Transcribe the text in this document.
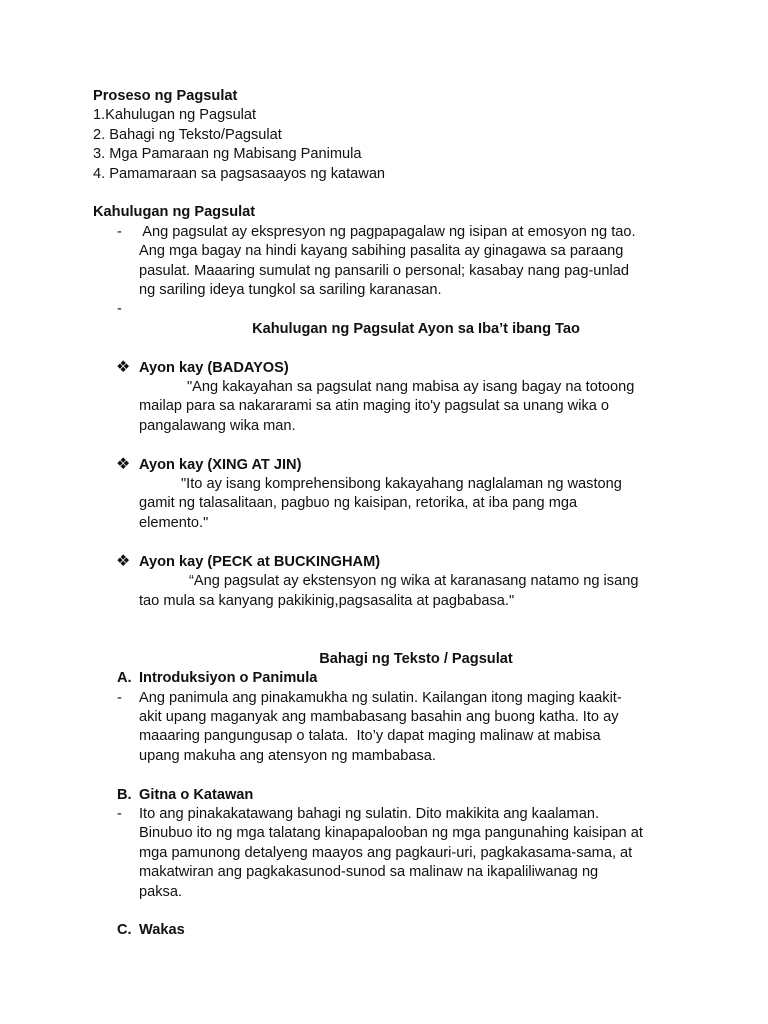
Proseso ng Pagsulat
1.Kahulugan ng Pagsulat
2. Bahagi ng Teksto/Pagsulat
3. Mga Pamaraan ng Mabisang Panimula
4. Pamamaraan sa pagsasaayos ng katawan
Kahulugan ng Pagsulat
- Ang pagsulat ay ekspresyon ng pagpapagalaw ng isipan at emosyon ng tao.
Ang mga bagay na hindi kayang sabihing pasalita ay ginagawa sa paraang
pasulat. Maaaring sumulat ng pansarili o personal; kasabay nang pag-unlad
ng sariling ideya tungkol sa sariling karanasan.
-

Kahulugan ng Pagsulat Ayon sa Iba’t ibang Tao
❖ Ayon kay (BADAYOS)
"Ang kakayahan sa pagsulat nang mabisa ay isang bagay na totoong
mailap para sa nakararami sa atin maging ito'y pagsulat sa unang wika o
pangalawang wika man.
❖ Ayon kay (XING AT JIN)
"Ito ay isang komprehensibong kakayahang naglalaman ng wastong
gamit ng talasalitaan, pagbuo ng kaisipan, retorika, at iba pang mga
elemento."
❖ Ayon kay (PECK at BUCKINGHAM)
“Ang pagsulat ay ekstensyon ng wika at karanasang natamo ng isang
tao mula sa kanyang pakikinig,pagsasalita at pagbabasa."
Bahagi ng Teksto / Pagsulat
A. Introduksiyon o Panimula
- Ang panimula ang pinakamukha ng sulatin. Kailangan itong maging kaakit-
akit upang maganyak ang mambabasang basahin ang buong katha. Ito ay
maaaring pangungusap o talata.  Ito’y dapat maging malinaw at mabisa
upang makuha ang atensyon ng mambabasa.
B. Gitna o Katawan
- Ito ang pinakakatawang bahagi ng sulatin. Dito makikita ang kaalaman.
Binubuo ito ng mga talatang kinapapalooban ng mga pangunahing kaisipan at
mga pamunong detalyeng maayos ang pagkauri-uri, pagkakasama-sama, at
makatwiran ang pagkakasunod-sunod sa malinaw na ikapaliliwanag ng
paksa.
C. Wakas
